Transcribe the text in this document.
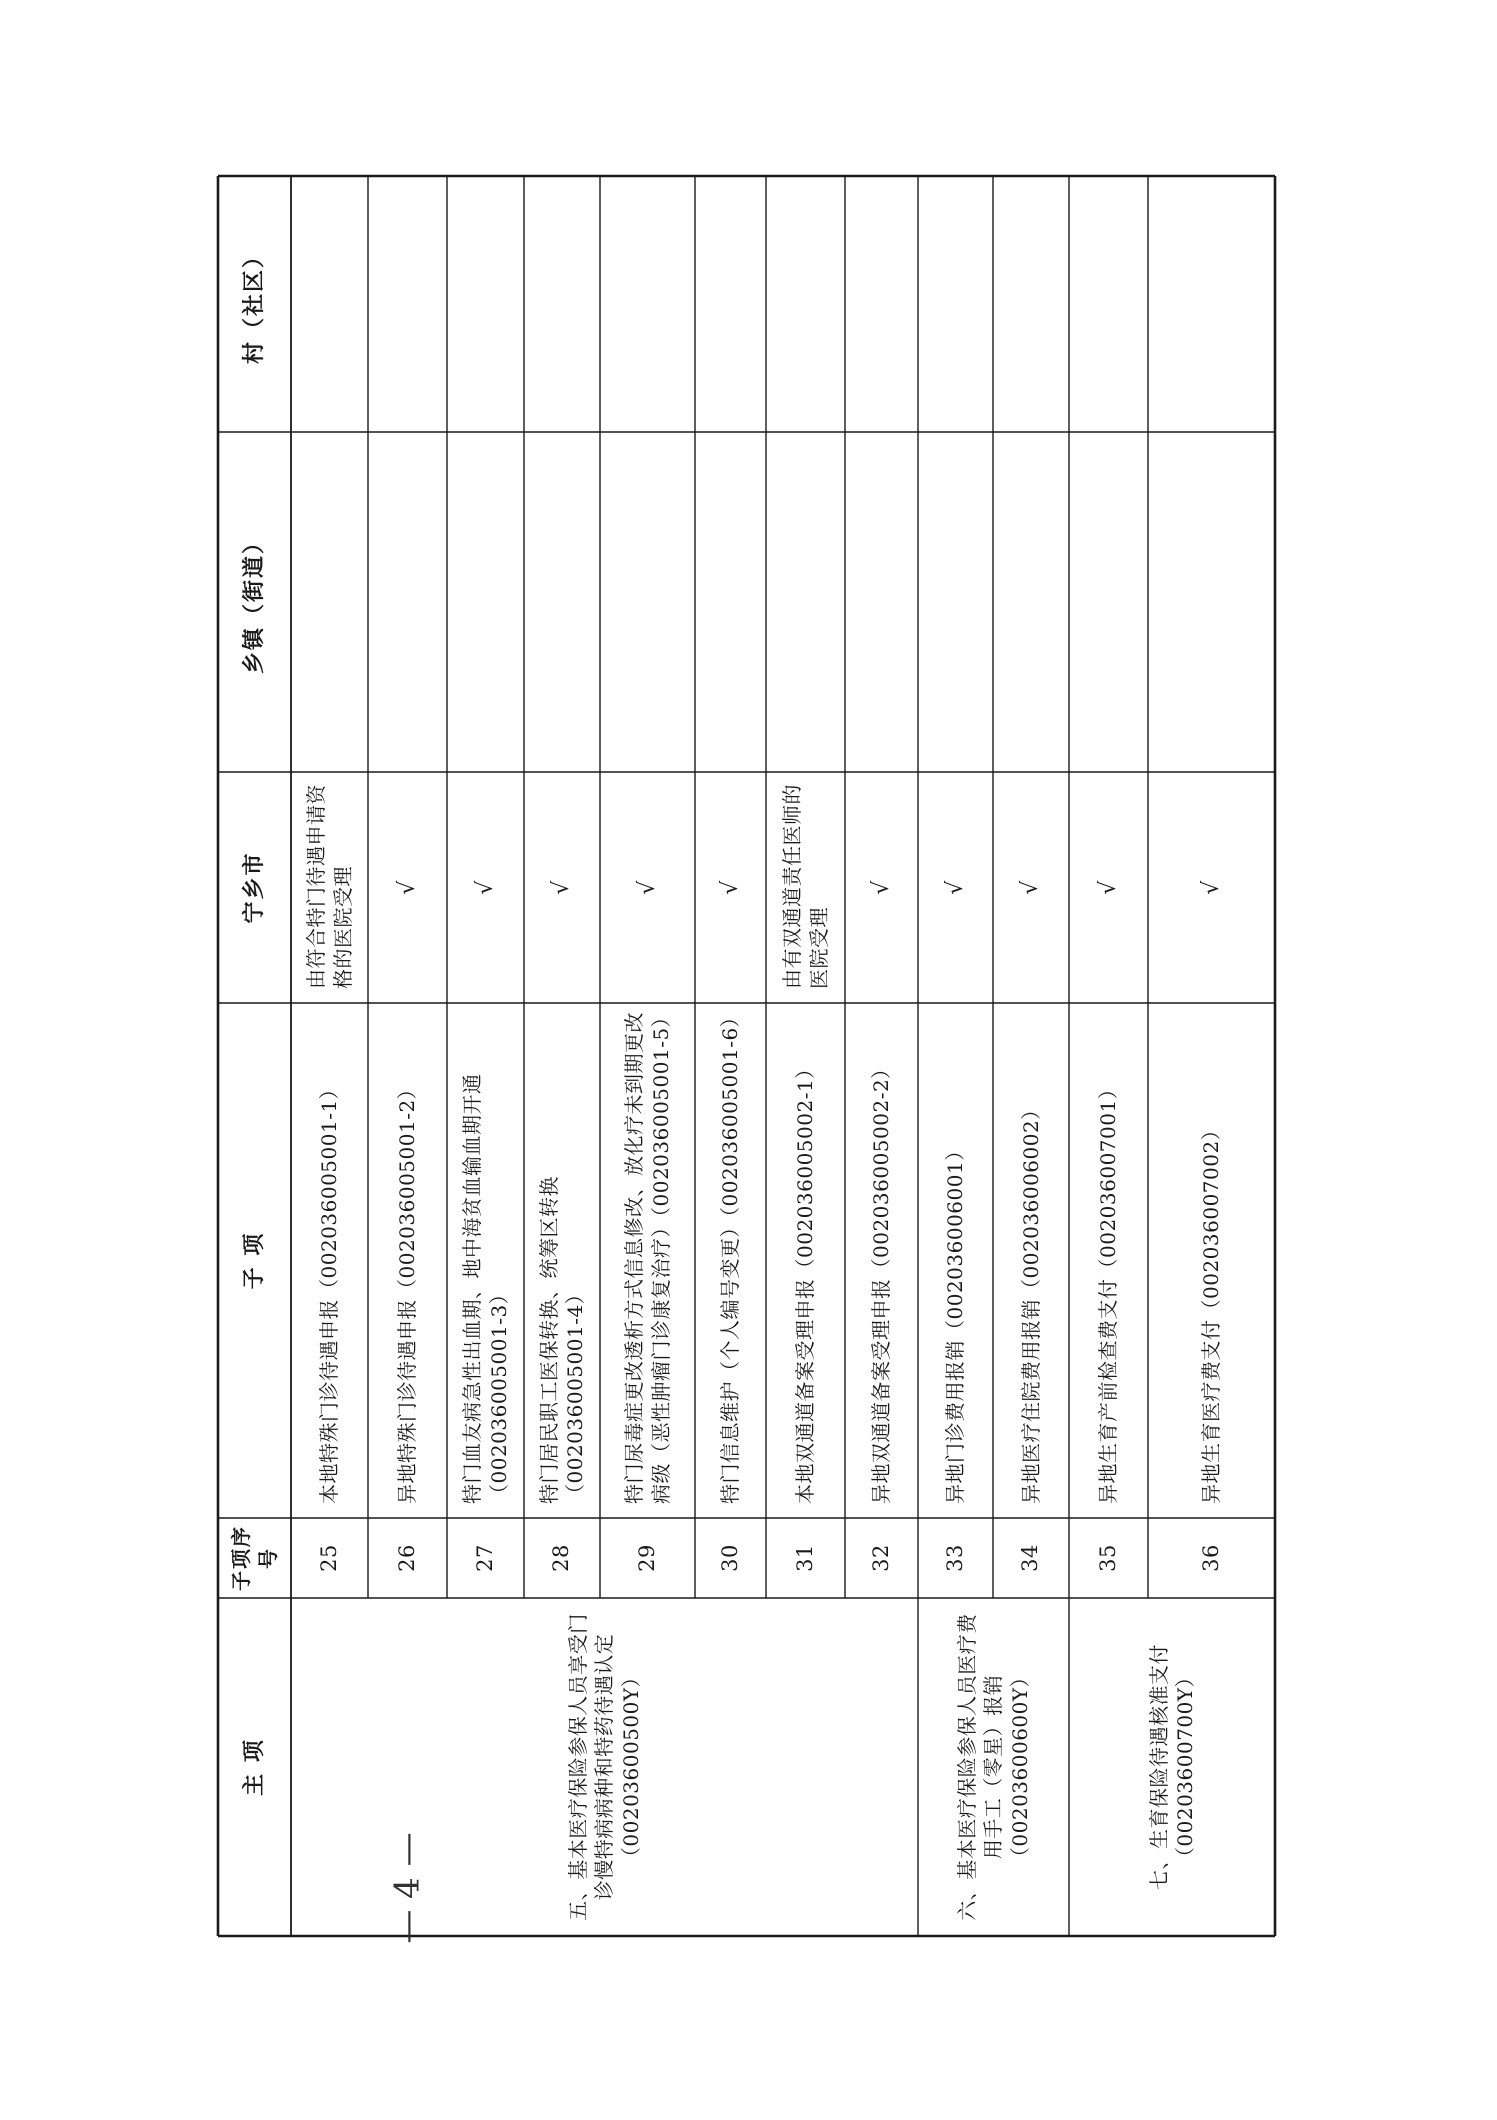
主 项
子项序号
子 项
宁乡市
乡镇（街道）
村（社区）
五、基本医疗保险参保人员享受门诊慢特病病种和特药待遇认定（00203600500Y）	六、基本医疗保险参保人员医疗费用手工（零星）报销（00203600600Y）	七、生育保险待遇核准支付（00203600700Y）
25
本地特殊门诊待遇申报（002036005001-1）
由符合特门待遇申请资格的医院受理
26
异地特殊门诊待遇申报（002036005001-2）
√
27
特门血友病急性出血期、地中海贫血输血期开通（002036005001-3）
√
28
特门居民职工医保转换、统筹区转换（002036005001-4）
√
29
特门尿毒症更改透析方式信息修改、放化疗未到期更改病级（恶性肿瘤门诊康复治疗）（002036005001-5）
√
30
特门信息维护（个人编号变更）（002036005001-6）
√
31
本地双通道备案受理申报（002036005002-1）
由有双通道责任医师的医院受理
32
异地双通道备案受理申报（002036005002-2）
√
33
异地门诊费用报销（002036006001）
√
34
异地医疗住院费用报销（002036006002）
√
35
异地生育产前检查费支付（002036007001）
√
36
异地生育医疗费支付（002036007002）
√
— 4 —
